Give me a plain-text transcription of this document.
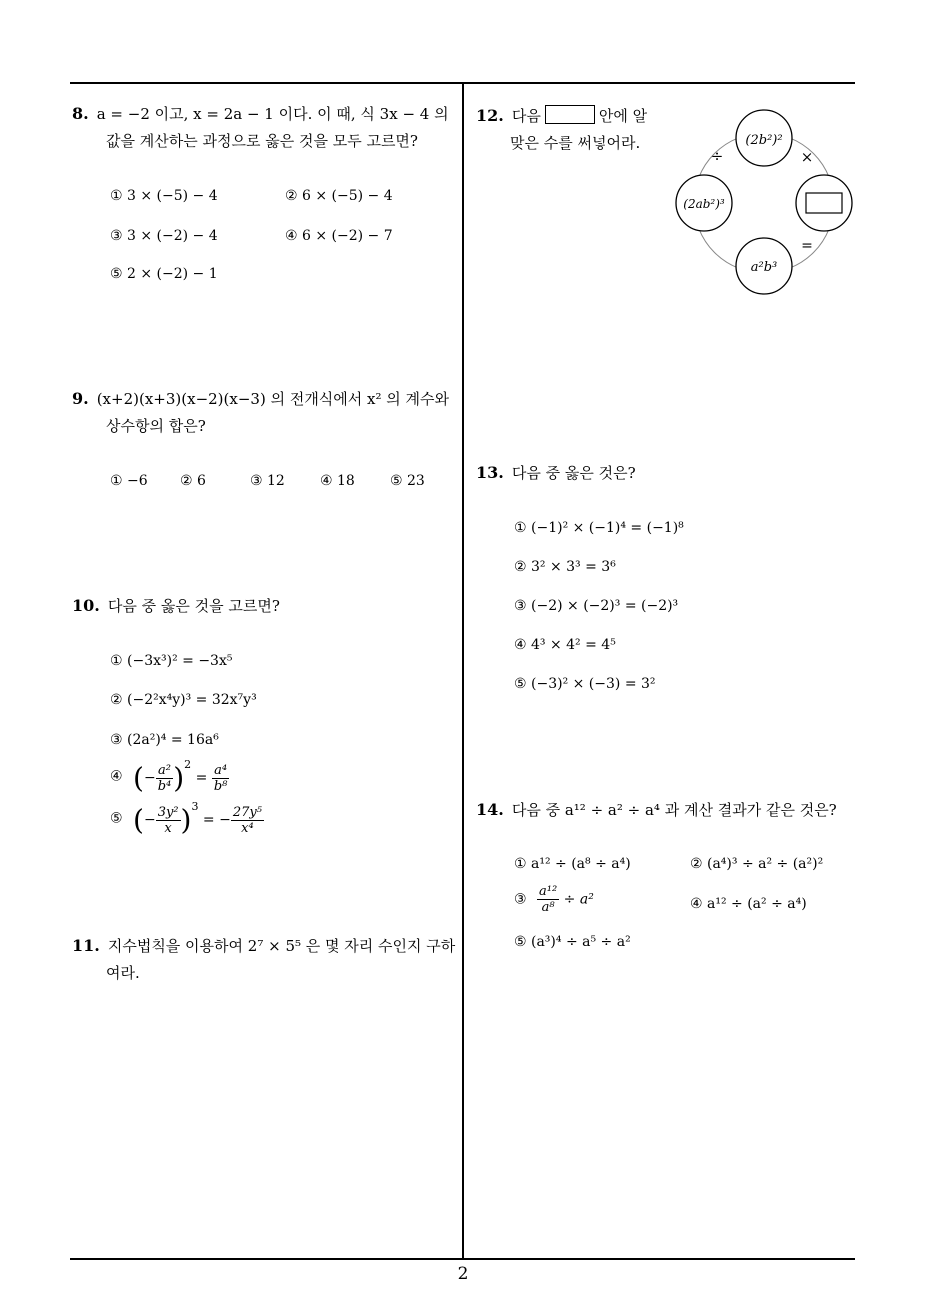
8. a = −2 이고, x = 2a − 1 이다. 이 때, 식 3x − 4 의
값을 계산하는 과정으로 옳은 것을 모두 고르면?
① 3 × (−5) − 4	② 6 × (−5) − 4
③ 3 × (−2) − 4	④ 6 × (−2) − 7
⑤ 2 × (−2) − 1
9. (x+2)(x+3)(x−2)(x−3) 의 전개식에서 x² 의 계수와
상수항의 합은?
① −6 ② 6	③ 12	④ 18	⑤ 23
10. 다음 중 옳은 것을 고르면?
① (−3x³)² = −3x⁵
② (−2²x⁴y)³ = 32x⁷y³
③ (2a²)⁴ = 16a⁶
④ (− $\frac{\text{a²}}{\text{b⁴}} )^2 = \frac{\text{a⁴}}{\text{b⁸}}$
⑤ (− $\frac{\text{3y²}}{x} )^3$ = − $\frac{\text{27y⁵}}{\text{x⁴}}$
11. 지수법칙을 이용하여 2⁷ × 5⁵ 은 몇 자리 수인지 구하
여라.
12. 다음	안에 알
맞은 수를 써넣어라.	(2b²)²
(2ab²)³
a²b³
÷	×
=
13. 다음 중 옳은 것은?
① (−1)² × (−1)⁴ = (−1)⁸
② 3² × 3³ = 3⁶
③ (−2) × (−2)³ = (−2)³
④ 4³ × 4² = 4⁵
⑤ (−3)² × (−3) = 3²
14. 다음 중 a¹² ÷ a² ÷ a⁴ 과 계산 결과가 같은 것은?
① a¹² ÷ (a⁸ ÷ a⁴)	② (a⁴)³ ÷ a² ÷ (a²)²
③ $\frac{\text{a¹²}}{\text{a⁸}} \div a^2$	④ a¹² ÷ (a² ÷ a⁴)
⑤ (a³)⁴ ÷ a⁵ ÷ a²
2
